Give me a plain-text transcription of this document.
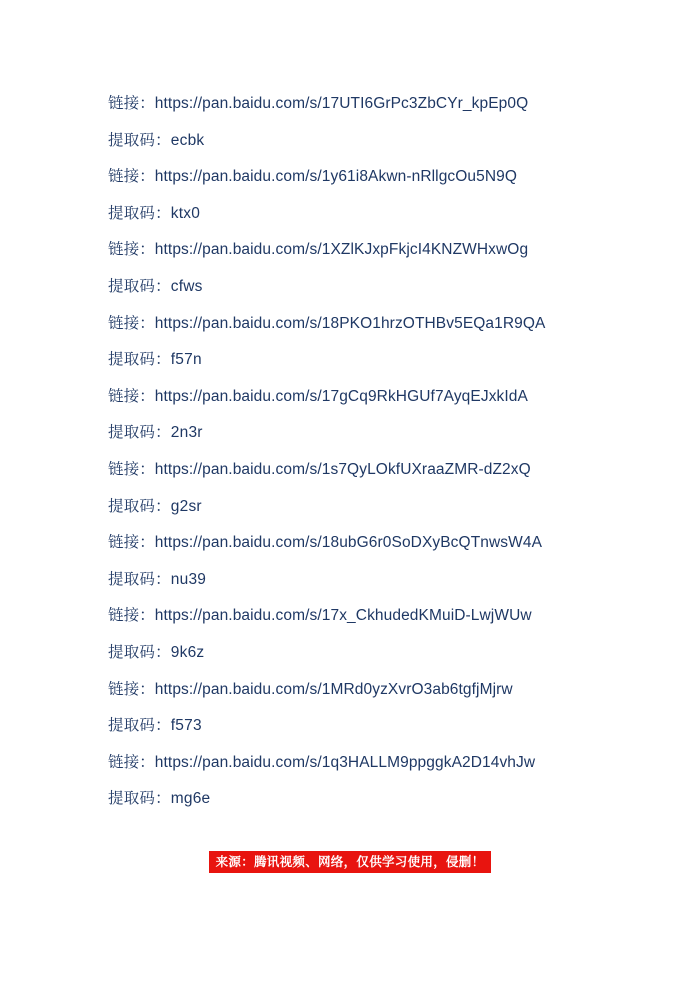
链接：https://pan.baidu.com/s/17UTI6GrPc3ZbCYr_kpEp0Q
提取码：ecbk
链接：https://pan.baidu.com/s/1y61i8Akwn-nRllgcOu5N9Q
提取码：ktx0
链接：https://pan.baidu.com/s/1XZlKJxpFkjcI4KNZWHxwOg
提取码：cfws
链接：https://pan.baidu.com/s/18PKO1hrzOTHBv5EQa1R9QA
提取码：f57n
链接：https://pan.baidu.com/s/17gCq9RkHGUf7AyqEJxkIdA
提取码：2n3r
链接：https://pan.baidu.com/s/1s7QyLOkfUXraaZMR-dZ2xQ
提取码：g2sr
链接：https://pan.baidu.com/s/18ubG6r0SoDXyBcQTnwsW4A
提取码：nu39
链接：https://pan.baidu.com/s/17x_CkhudedKMuiD-LwjWUw
提取码：9k6z
链接：https://pan.baidu.com/s/1MRd0yzXvrO3ab6tgfjMjrw
提取码：f573
链接：https://pan.baidu.com/s/1q3HALLM9ppggkA2D14vhJw
提取码：mg6e
来源：腾讯视频、网络，仅供学习使用，侵删！
